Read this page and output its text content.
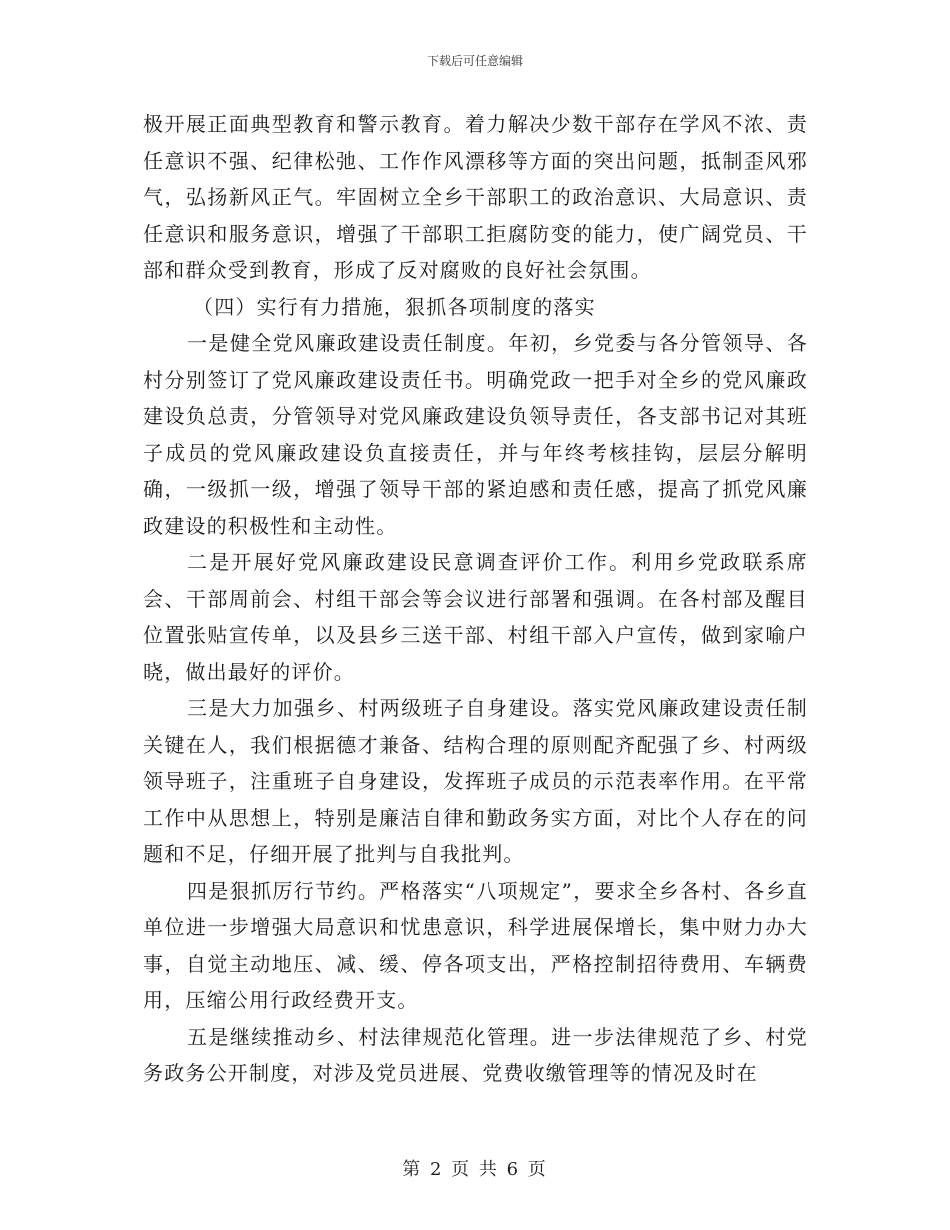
下载后可任意编辑

极开展正面典型教育和警示教育。着力解决少数干部存在学风不浓、责任意识不强、纪律松弛、工作作风漂移等方面的突出问题，抵制歪风邪气，弘扬新风正气。牢固树立全乡干部职工的政治意识、大局意识、责任意识和服务意识，增强了干部职工拒腐防变的能力，使广阔党员、干部和群众受到教育，形成了反对腐败的良好社会氛围。

（四）实行有力措施，狠抓各项制度的落实

一是健全党风廉政建设责任制度。年初，乡党委与各分管领导、各村分别签订了党风廉政建设责任书。明确党政一把手对全乡的党风廉政建设负总责，分管领导对党风廉政建设负领导责任，各支部书记对其班子成员的党风廉政建设负直接责任，并与年终考核挂钩，层层分解明确，一级抓一级，增强了领导干部的紧迫感和责任感，提高了抓党风廉政建设的积极性和主动性。

二是开展好党风廉政建设民意调查评价工作。利用乡党政联系席会、干部周前会、村组干部会等会议进行部署和强调。在各村部及醒目位置张贴宣传单，以及县乡三送干部、村组干部入户宣传，做到家喻户晓，做出最好的评价。

三是大力加强乡、村两级班子自身建设。落实党风廉政建设责任制关键在人，我们根据德才兼备、结构合理的原则配齐配强了乡、村两级领导班子，注重班子自身建设，发挥班子成员的示范表率作用。在平常工作中从思想上，特别是廉洁自律和勤政务实方面，对比个人存在的问题和不足，仔细开展了批判与自我批判。

四是狠抓厉行节约。严格落实“八项规定”，要求全乡各村、各乡直单位进一步增强大局意识和忧患意识，科学进展保增长，集中财力办大事，自觉主动地压、减、缓、停各项支出，严格控制招待费用、车辆费用，压缩公用行政经费开支。

五是继续推动乡、村法律规范化管理。进一步法律规范了乡、村党务政务公开制度，对涉及党员进展、党费收缴管理等的情况及时在

第 2 页 共 6 页
